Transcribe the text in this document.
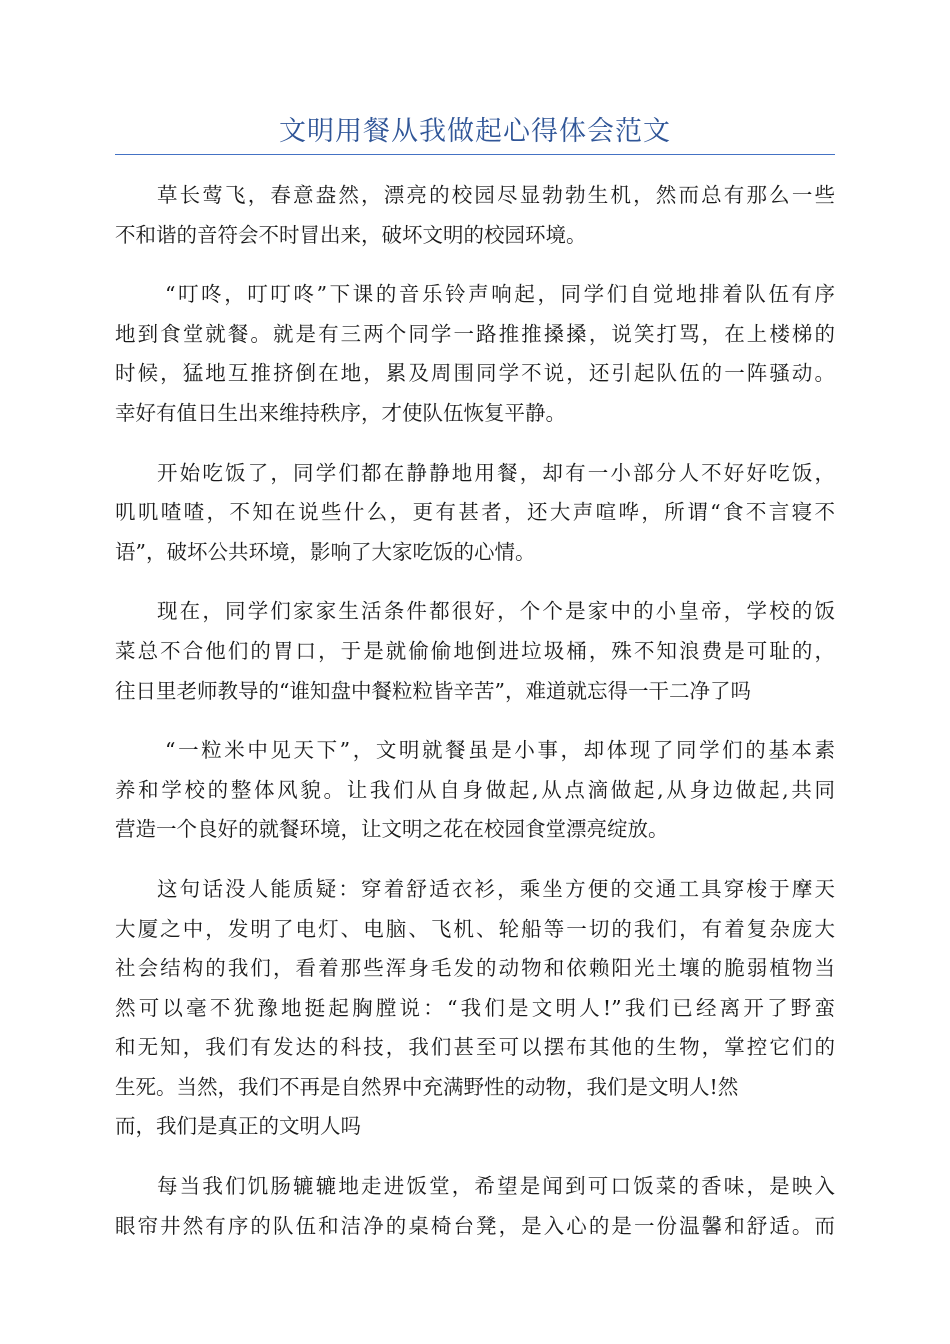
文明用餐从我做起心得体会范文
草长莺飞，春意盎然，漂亮的校园尽显勃勃生机，然而总有那么一些
不和谐的音符会不时冒出来，破坏文明的校园环境。
“叮咚，叮叮咚”下课的音乐铃声响起，同学们自觉地排着队伍有序
地到食堂就餐。就是有三两个同学一路推推搡搡，说笑打骂，在上楼梯的
时候，猛地互推挤倒在地，累及周围同学不说，还引起队伍的一阵骚动。
幸好有值日生出来维持秩序，才使队伍恢复平静。
开始吃饭了，同学们都在静静地用餐，却有一小部分人不好好吃饭，
叽叽喳喳，不知在说些什么，更有甚者，还大声喧哗，所谓“食不言寝不
语”，破坏公共环境，影响了大家吃饭的心情。
现在，同学们家家生活条件都很好，个个是家中的小皇帝，学校的饭
菜总不合他们的胃口，于是就偷偷地倒进垃圾桶，殊不知浪费是可耻的，
往日里老师教导的“谁知盘中餐粒粒皆辛苦”，难道就忘得一干二净了吗
“一粒米中见天下”，文明就餐虽是小事，却体现了同学们的基本素
养和学校的整体风貌。让我们从自身做起,从点滴做起,从身边做起,共同
营造一个良好的就餐环境，让文明之花在校园食堂漂亮绽放。
这句话没人能质疑：穿着舒适衣衫，乘坐方便的交通工具穿梭于摩天
大厦之中，发明了电灯、电脑、飞机、轮船等一切的我们，有着复杂庞大
社会结构的我们，看着那些浑身毛发的动物和依赖阳光土壤的脆弱植物当
然可以毫不犹豫地挺起胸膛说：“我们是文明人!”我们已经离开了野蛮
和无知，我们有发达的科技，我们甚至可以摆布其他的生物，掌控它们的
生死。当然，我们不再是自然界中充满野性的动物，我们是文明人!然
而，我们是真正的文明人吗
每当我们饥肠辘辘地走进饭堂，希望是闻到可口饭菜的香味，是映入
眼帘井然有序的队伍和洁净的桌椅台凳，是入心的是一份温馨和舒适。而
